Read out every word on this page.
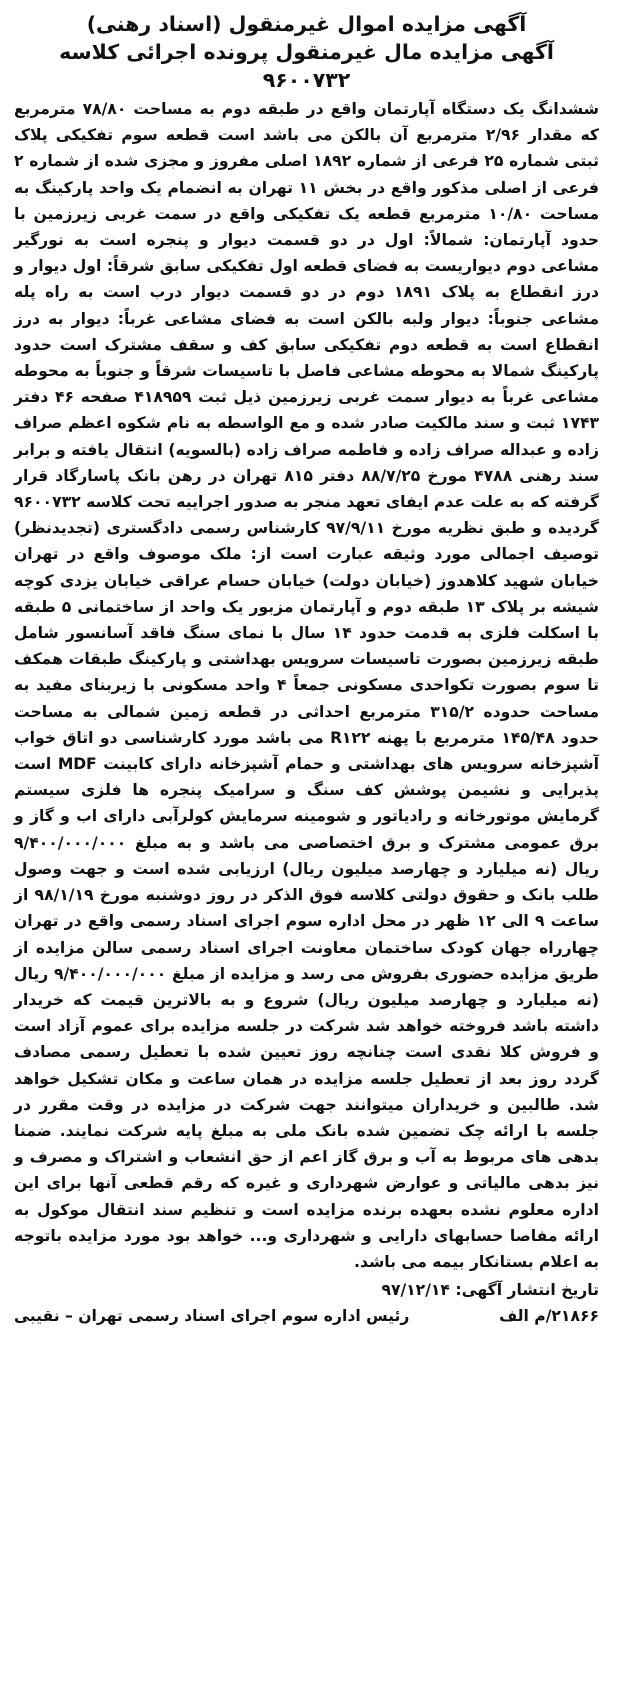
آگهی مزایده اموال غیرمنقول (اسناد رهنی)

آگهی مزایده مال غیرمنقول پرونده اجرائی کلاسه ۹۶۰۰۷۳۲

ششدانگ یک دستگاه آپارتمان واقع در طبقه دوم به مساحت ۷۸/۸۰ مترمربع که مقدار ۲/۹۶ مترمربع آن بالکن می باشد است قطعه سوم تفکیکی پلاک ثبتی شماره ۲۵ فرعی از شماره ۱۸۹۲ اصلی مفروز و مجزی شده از شماره ۲ فرعی از اصلی مذکور واقع در بخش ۱۱ تهران به انضمام یک واحد پارکینگ به مساحت ۱۰/۸۰ مترمربع قطعه یک تفکیکی واقع در سمت غربی زیرزمین با حدود آپارتمان: شمالاً: اول در دو قسمت دیوار و پنجره است به نورگیر مشاعی دوم دیواریست به فضای قطعه اول تفکیکی سابق شرقاً: اول دیوار و درز انقطاع به پلاک ۱۸۹۱ دوم در دو قسمت دیوار درب است به راه پله مشاعی جنوباً: دیوار ولبه بالکن است به فضای مشاعی غرباً: دیوار به درز انقطاع است به قطعه دوم تفکیکی سابق کف و سقف مشترک است حدود پارکینگ شمالا به محوطه مشاعی فاصل با تاسیسات شرقاً و جنوباً به محوطه مشاعی غرباً به دیوار سمت غربی زیرزمین ذیل ثبت ۴۱۸۹۵۹ صفحه ۴۶ دفتر ۱۷۴۳ ثبت و سند مالکیت صادر شده و مع الواسطه به نام شکوه اعظم صراف زاده و عبداله صراف زاده و فاطمه صراف زاده (بالسویه) انتقال یافته و برابر سند رهنی ۴۷۸۸ مورخ ۸۸/۷/۲۵ دفتر ۸۱۵ تهران در رهن بانک پاسارگاد قرار گرفته که به علت عدم ایفای تعهد منجر به صدور اجراییه تحت کلاسه ۹۶۰۰۷۳۲ گردیده و طبق نظریه مورخ ۹۷/۹/۱۱ کارشناس رسمی دادگستری (تجدیدنظر) توصیف اجمالی مورد وثیقه عبارت است از: ملک موصوف واقع در تهران خیابان شهید کلاهدوز (خیابان دولت) خیابان حسام عراقی خیابان یزدی کوچه شیشه بر پلاک ۱۳ طبقه دوم و آپارتمان مزبور یک واحد از ساختمانی ۵ طبقه با اسکلت فلزی به قدمت حدود ۱۴ سال با نمای سنگ فاقد آسانسور شامل طبقه زیرزمین بصورت تاسیسات سرویس بهداشتی و پارکینگ طبقات همکف تا سوم بصورت تکواحدی مسکونی جمعاً ۴ واحد مسکونی با زیربنای مفید به مساحت حدوده ۳۱۵/۲ مترمربع احداثی در قطعه زمین شمالی به مساحت حدود ۱۴۵/۴۸ مترمربع با پهنه R۱۲۲ می باشد مورد کارشناسی دو اتاق خواب آشپزخانه سرویس های بهداشتی و حمام آشپزخانه دارای کابینت MDF است پذیرایی و نشیمن پوشش کف سنگ و سرامیک پنجره ها فلزی سیستم گرمایش موتورخانه و رادیاتور و شومینه سرمایش کولرآبی دارای اب و گاز و برق عمومی مشترک و برق اختصاصی می باشد و به مبلغ ۹/۴۰۰/۰۰۰/۰۰۰ ریال (نه میلیارد و چهارصد میلیون ریال) ارزیابی شده است و جهت وصول طلب بانک و حقوق دولتی کلاسه فوق الذکر در روز دوشنبه مورخ ۹۸/۱/۱۹ از ساعت ۹ الی ۱۲ ظهر در محل اداره سوم اجرای اسناد رسمی واقع در تهران چهارراه جهان کودک ساختمان معاونت اجرای اسناد رسمی سالن مزایده از طریق مزایده حضوری بفروش می رسد و مزایده از مبلغ ۹/۴۰۰/۰۰۰/۰۰۰ ریال (نه میلیارد و چهارصد میلیون ریال) شروع و به بالاترین قیمت که خریدار داشته باشد فروخته خواهد شد شرکت در جلسه مزایده برای عموم آزاد است و فروش کلا نقدی است چنانچه روز تعیین شده با تعطیل رسمی مصادف گردد روز بعد از تعطیل جلسه مزایده در همان ساعت و مکان تشکیل خواهد شد. طالبین و خریداران میتوانند جهت شرکت در مزایده در وقت مقرر در جلسه با ارائه چک تضمین شده بانک ملی به مبلغ پایه شرکت نمایند. ضمنا بدهی های مربوط به آب و برق گاز اعم از حق انشعاب و اشتراک و مصرف و نیز بدهی مالیاتی و عوارض شهرداری و غیره که رقم قطعی آنها برای این اداره معلوم نشده بعهده برنده مزایده است و تنظیم سند انتقال موکول به ارائه مفاصا حسابهای دارایی و شهرداری و... خواهد بود مورد مزایده باتوجه به اعلام بستانکار بیمه می باشد.

تاریخ انتشار آگهی: ۹۷/۱۲/۱۴
۲۱۸۶۶/م الف
رئیس اداره سوم اجرای اسناد رسمی تهران – نقیبی
